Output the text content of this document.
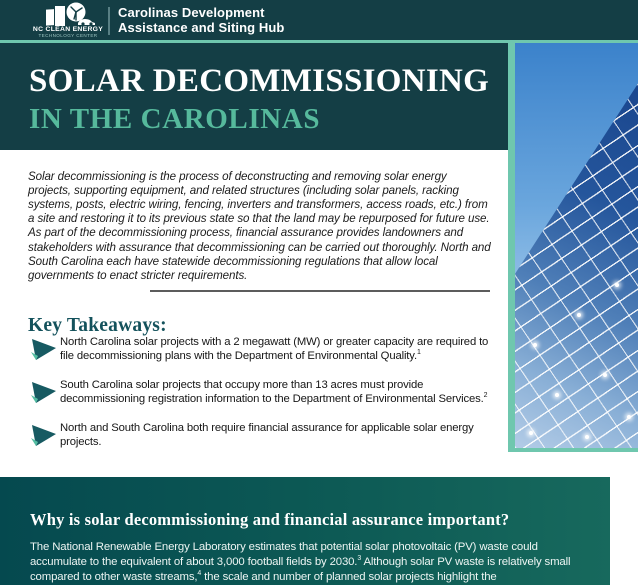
NC CLEAN ENERGY
TECHNOLOGY CENTER
Carolinas Development
Assistance and Siting Hub
SOLAR DECOMMISSIONING
IN THE CAROLINAS

Solar decommissioning is the process of deconstructing and removing solar energy projects, supporting equipment, and related structures (including solar panels, racking systems, posts, electric wiring, fencing, inverters and transformers, access roads, etc.) from a site and restoring it to its previous state so that the land may be repurposed for future use. As part of the decommissioning process, financial assurance provides landowners and stakeholders with assurance that decommissioning can be carried out thoroughly. North and South Carolina each have statewide decommissioning regulations that allow local governments to enact stricter requirements.

Key Takeaways:
North Carolina solar projects with a 2 megawatt (MW) or greater capacity are required to file decommissioning plans with the Department of Environmental Quality.$^1$
South Carolina solar projects that occupy more than 13 acres must provide decommissioning registration information to the Department of Environmental Services.$^2$
North and South Carolina both require financial assurance for applicable solar energy projects.
Why is solar decommissioning and financial assurance important?

The National Renewable Energy Laboratory estimates that potential solar photovoltaic (PV) waste could accumulate to the equivalent of about 3,000 football fields by 2030.$^3$ Although solar PV waste is relatively small compared to other waste streams,$^4$ the scale and number of planned solar projects highlight the
